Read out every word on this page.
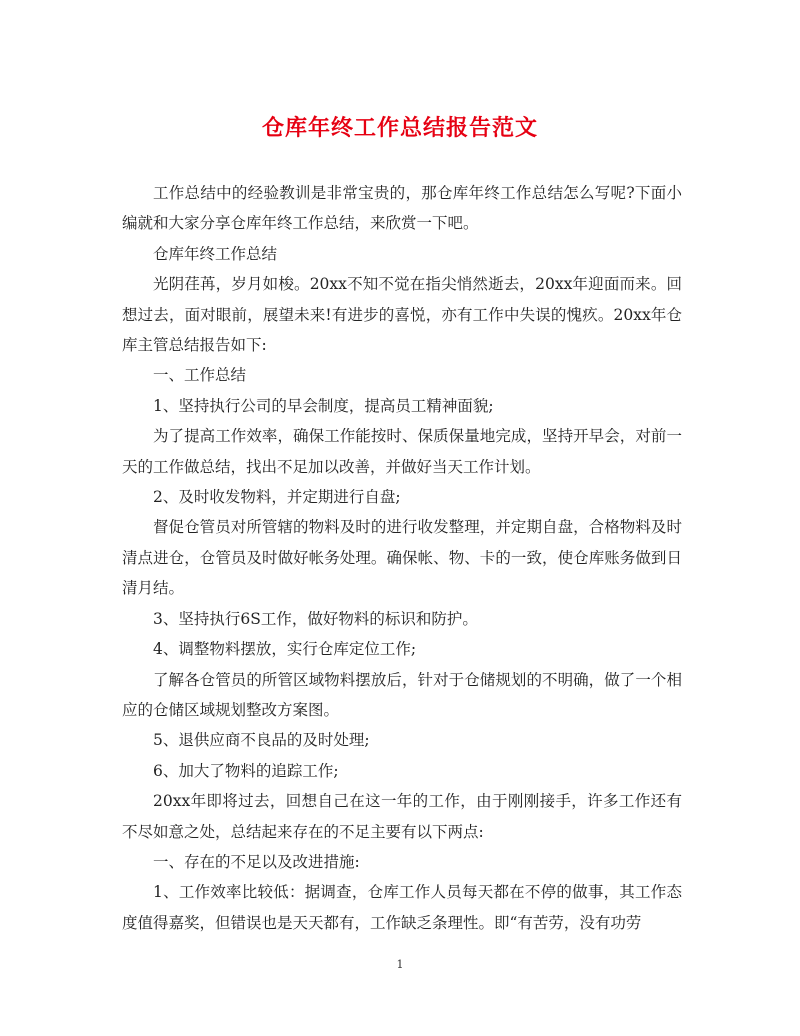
仓库年终工作总结报告范文

工作总结中的经验教训是非常宝贵的，那仓库年终工作总结怎么写呢?下面小编就和大家分享仓库年终工作总结，来欣赏一下吧。

仓库年终工作总结

光阴荏苒，岁月如梭。20xx不知不觉在指尖悄然逝去，20xx年迎面而来。回想过去，面对眼前，展望未来!有进步的喜悦，亦有工作中失误的愧疚。20xx年仓库主管总结报告如下:

一、工作总结

1、坚持执行公司的早会制度，提高员工精神面貌;

为了提高工作效率，确保工作能按时、保质保量地完成，坚持开早会，对前一天的工作做总结，找出不足加以改善，并做好当天工作计划。

2、及时收发物料，并定期进行自盘;

督促仓管员对所管辖的物料及时的进行收发整理，并定期自盘，合格物料及时清点进仓，仓管员及时做好帐务处理。确保帐、物、卡的一致，使仓库账务做到日清月结。

3、坚持执行6S工作，做好物料的标识和防护。

4、调整物料摆放，实行仓库定位工作;

了解各仓管员的所管区域物料摆放后，针对于仓储规划的不明确，做了一个相应的仓储区域规划整改方案图。

5、退供应商不良品的及时处理;

6、加大了物料的追踪工作;

20xx年即将过去，回想自己在这一年的工作，由于刚刚接手，许多工作还有不尽如意之处，总结起来存在的不足主要有以下两点:

一、存在的不足以及改进措施:

1、工作效率比较低：据调查，仓库工作人员每天都在不停的做事，其工作态度值得嘉奖，但错误也是天天都有，工作缺乏条理性。即“有苦劳，没有功劳

1
